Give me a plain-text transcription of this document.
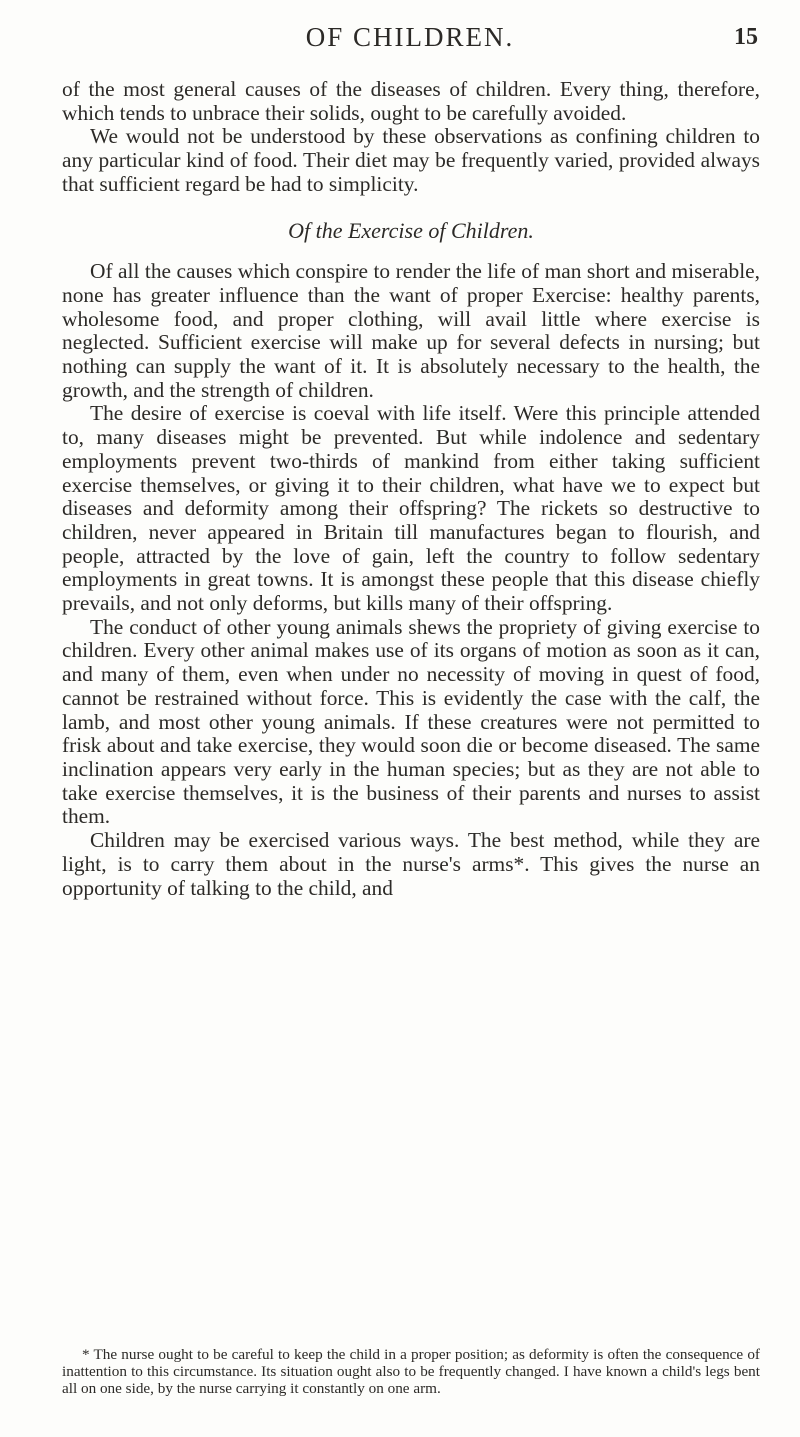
OF CHILDREN.	15

of the most general causes of the diseases of children. Every thing, therefore, which tends to unbrace their solids, ought to be carefully avoided.

We would not be understood by these observations as confining children to any particular kind of food. Their diet may be frequently varied, provided always that sufficient regard be had to simplicity.

Of the Exercise of Children.

Of all the causes which conspire to render the life of man short and miserable, none has greater influence than the want of proper Exercise: healthy parents, wholesome food, and proper clothing, will avail little where exercise is neglected. Sufficient exercise will make up for several defects in nursing; but nothing can supply the want of it. It is absolutely necessary to the health, the growth, and the strength of children.

The desire of exercise is coeval with life itself. Were this principle attended to, many diseases might be prevented. But while indolence and sedentary employments prevent two-thirds of mankind from either taking sufficient exercise themselves, or giving it to their children, what have we to expect but diseases and deformity among their offspring? The rickets so destructive to children, never appeared in Britain till manufactures began to flourish, and people, attracted by the love of gain, left the country to follow sedentary employments in great towns. It is amongst these people that this disease chiefly prevails, and not only deforms, but kills many of their offspring.

The conduct of other young animals shews the propriety of giving exercise to children. Every other animal makes use of its organs of motion as soon as it can, and many of them, even when under no necessity of moving in quest of food, cannot be restrained without force. This is evidently the case with the calf, the lamb, and most other young animals. If these creatures were not permitted to frisk about and take exercise, they would soon die or become diseased. The same inclination appears very early in the human species; but as they are not able to take exercise themselves, it is the business of their parents and nurses to assist them.

Children may be exercised various ways. The best method, while they are light, is to carry them about in the nurse's arms*. This gives the nurse an opportunity of talking to the child, and

* The nurse ought to be careful to keep the child in a proper position; as deformity is often the consequence of inattention to this circumstance. Its situation ought also to be frequently changed. I have known a child's legs bent all on one side, by the nurse carrying it constantly on one arm.
